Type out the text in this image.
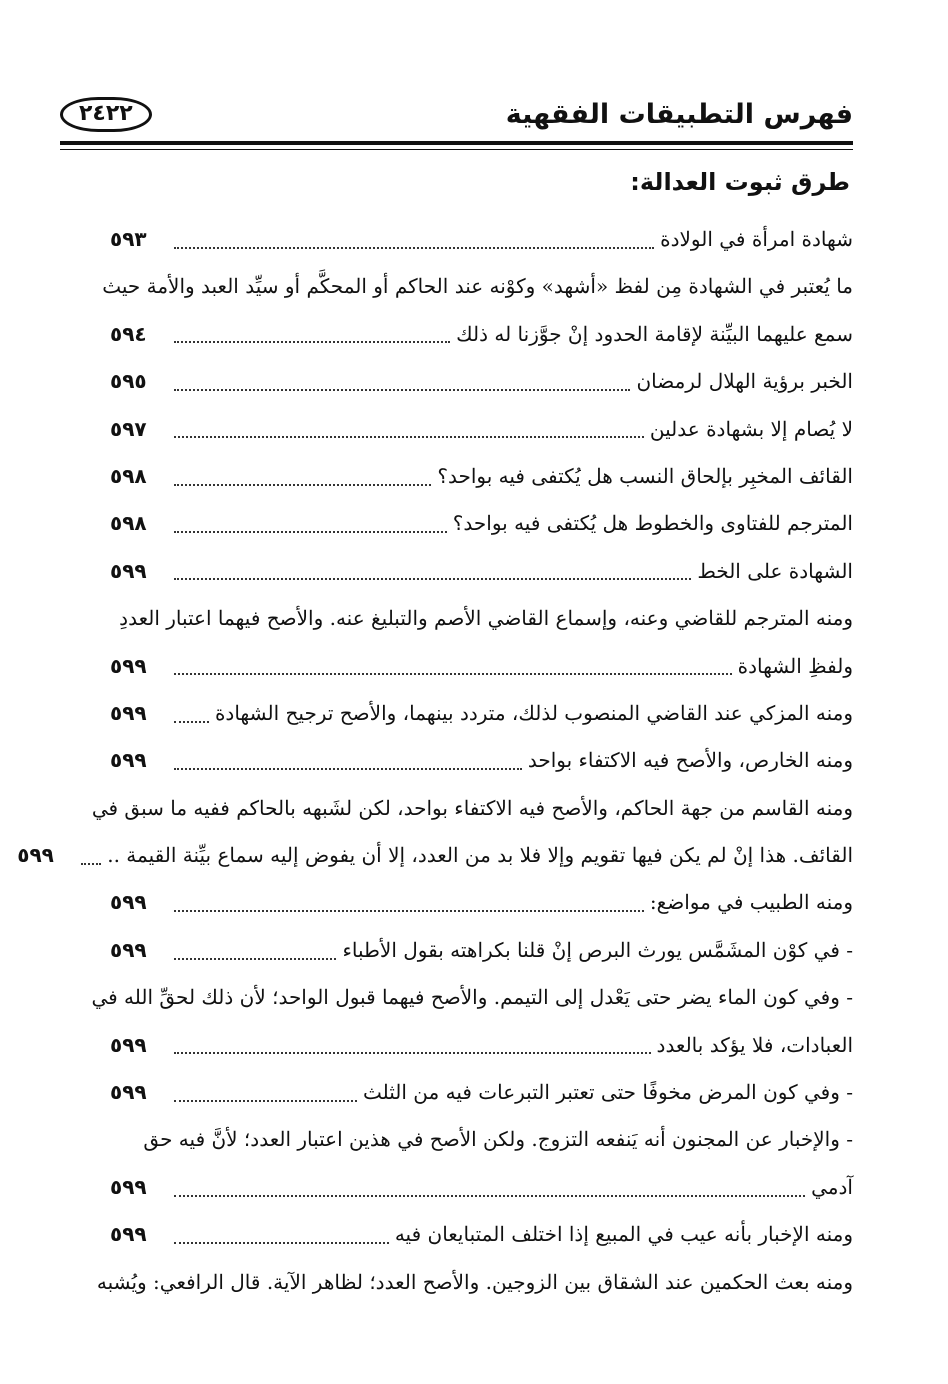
فهرس التطبيقات الفقهية
٢٤٢٢
طرق ثبوت العدالة:
شهادة امرأة في الولادة
٥٩٣
ما يُعتبر في الشهادة مِن لفظ «أشهد» وكوْنه عند الحاكم أو المحكَّم أو سيِّد العبد والأمة حيث
سمع عليهما البيِّنة لإقامة الحدود إنْ جوَّزنا له ذلك
٥٩٤
الخبر برؤية الهلال لرمضان
٥٩٥
لا يُصام إلا بشهادة عدلين
٥٩٧
القائف المخبِر بإلحاق النسب هل يُكتفى فيه بواحد؟
٥٩٨
المترجم للفتاوى والخطوط هل يُكتفى فيه بواحد؟
٥٩٨
الشهادة على الخط
٥٩٩
ومنه المترجم للقاضي وعنه، وإسماع القاضي الأصم والتبليغ عنه. والأصح فيهما اعتبار العددِ
ولفظِ الشهادة
٥٩٩
ومنه المزكي عند القاضي المنصوب لذلك، متردد بينهما، والأصح ترجيح الشهادة
٥٩٩
ومنه الخارص، والأصح فيه الاكتفاء بواحد
٥٩٩
ومنه القاسم من جهة الحاكم، والأصح فيه الاكتفاء بواحد، لكن لشَبهه بالحاكم ففيه ما سبق في
القائف. هذا إنْ لم يكن فيها تقويم وإلا فلا بد من العدد، إلا أن يفوض إليه سماع بيِّنة القيمة ..
٥٩٩
ومنه الطبيب في مواضع:
٥٩٩
- في كوْن المشَمَّس يورث البرص إنْ قلنا بكراهته بقول الأطباء
٥٩٩
- وفي كون الماء يضر حتى يَعْدل إلى التيمم. والأصح فيهما قبول الواحد؛ لأن ذلك لحقِّ الله في
العبادات، فلا يؤكد بالعدد
٥٩٩
- وفي كون المرض مخوفًا حتى تعتبر التبرعات فيه من الثلث
٥٩٩
- والإخبار عن المجنون أنه يَنفعه التزوج. ولكن الأصح في هذين اعتبار العدد؛ لأنَّ فيه حق
آدمي
٥٩٩
ومنه الإخبار بأنه عيب في المبيع إذا اختلف المتبايعان فيه
٥٩٩
ومنه بعث الحكمين عند الشقاق بين الزوجين. والأصح العدد؛ لظاهر الآية. قال الرافعي: ويُشبه
